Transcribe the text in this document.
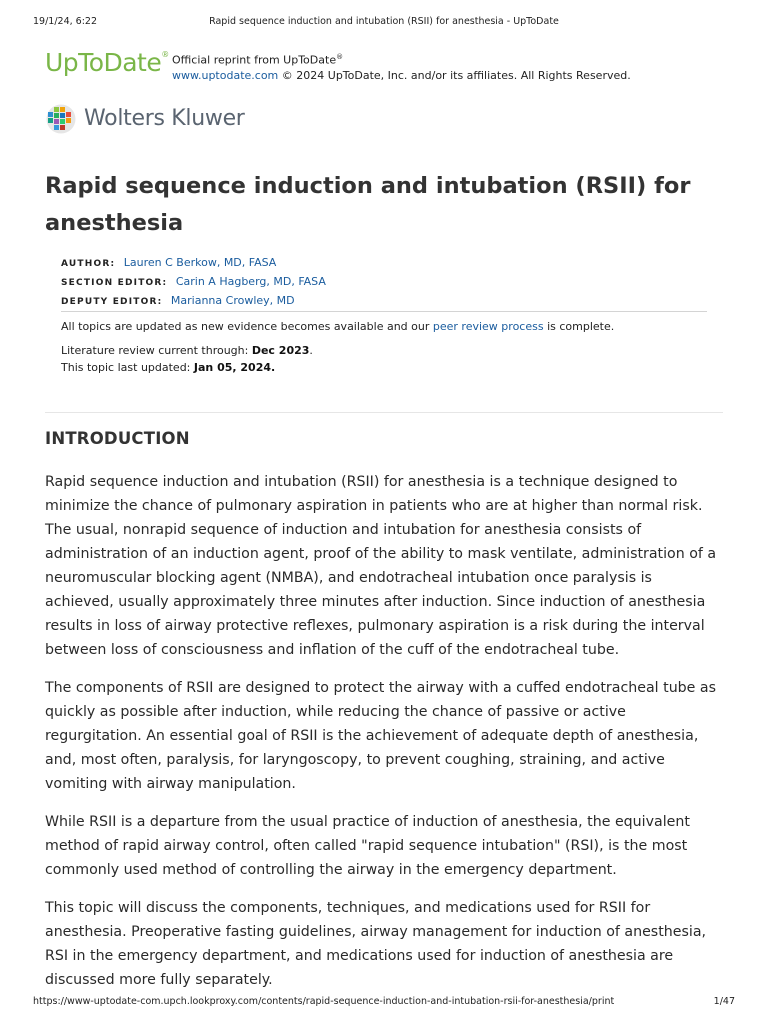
19/1/24, 6:22	Rapid sequence induction and intubation (RSII) for anesthesia - UpToDate
UpToDate® Official reprint from UpToDate®
www.uptodate.com © 2024 UpToDate, Inc. and/or its affiliates. All Rights Reserved.
Wolters Kluwer
Rapid sequence induction and intubation (RSII) for anesthesia
AUTHOR: Lauren C Berkow, MD, FASA
SECTION EDITOR: Carin A Hagberg, MD, FASA
DEPUTY EDITOR: Marianna Crowley, MD

All topics are updated as new evidence becomes available and our peer review process is complete.

Literature review current through: Dec 2023.

This topic last updated: Jan 05, 2024.

INTRODUCTION

Rapid sequence induction and intubation (RSII) for anesthesia is a technique designed to minimize the chance of pulmonary aspiration in patients who are at higher than normal risk. The usual, nonrapid sequence of induction and intubation for anesthesia consists of administration of an induction agent, proof of the ability to mask ventilate, administration of a neuromuscular blocking agent (NMBA), and endotracheal intubation once paralysis is achieved, usually approximately three minutes after induction. Since induction of anesthesia results in loss of airway protective reflexes, pulmonary aspiration is a risk during the interval between loss of consciousness and inflation of the cuff of the endotracheal tube.

The components of RSII are designed to protect the airway with a cuffed endotracheal tube as quickly as possible after induction, while reducing the chance of passive or active regurgitation. An essential goal of RSII is the achievement of adequate depth of anesthesia, and, most often, paralysis, for laryngoscopy, to prevent coughing, straining, and active vomiting with airway manipulation.

While RSII is a departure from the usual practice of induction of anesthesia, the equivalent method of rapid airway control, often called "rapid sequence intubation" (RSI), is the most commonly used method of controlling the airway in the emergency department.

This topic will discuss the components, techniques, and medications used for RSII for anesthesia. Preoperative fasting guidelines, airway management for induction of anesthesia, RSI in the emergency department, and medications used for induction of anesthesia are discussed more fully separately.

https://www-uptodate-com.upch.lookproxy.com/contents/rapid-sequence-induction-and-intubation-rsii-for-anesthesia/print	1/47
